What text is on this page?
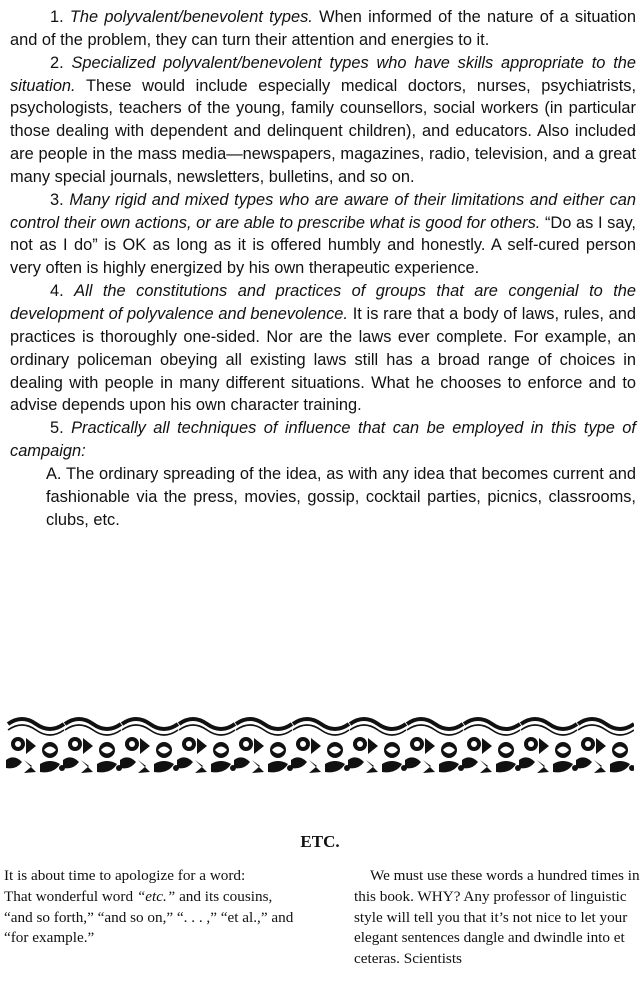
1. The polyvalent/benevolent types. When informed of the nature of a situation and of the problem, they can turn their attention and energies to it.

2. Specialized polyvalent/benevolent types who have skills appropriate to the situation. These would include especially medical doctors, nurses, psychiatrists, psychologists, teachers of the young, family counsellors, social workers (in particular those dealing with dependent and delinquent children), and educators. Also included are people in the mass media—newspapers, magazines, radio, television, and a great many special journals, newsletters, bulletins, and so on.

3. Many rigid and mixed types who are aware of their limitations and either can control their own actions, or are able to prescribe what is good for others. “Do as I say, not as I do” is OK as long as it is offered humbly and honestly. A self-cured person very often is highly energized by his own therapeutic experience.

4. All the constitutions and practices of groups that are congenial to the development of polyvalence and benevolence. It is rare that a body of laws, rules, and practices is thoroughly one-sided. Nor are the laws ever complete. For example, an ordinary policeman obeying all existing laws still has a broad range of choices in dealing with people in many different situations. What he chooses to enforce and to advise depends upon his own character training.

5. Practically all techniques of influence that can be employed in this type of campaign:

A. The ordinary spreading of the idea, as with any idea that becomes current and fashionable via the press, movies, gossip, cocktail parties, picnics, classrooms, clubs, etc.

ETC.

It is about time to apologize for a word:

That wonderful word “etc.” and its cousins, “and so forth,” “and so on,” “. . . ,” “et al.,” and “for example.”

We must use these words a hundred times in this book. WHY? Any professor of linguistic style will tell you that it’s not nice to let your elegant sentences dangle and dwindle into et ceteras. Scientists
